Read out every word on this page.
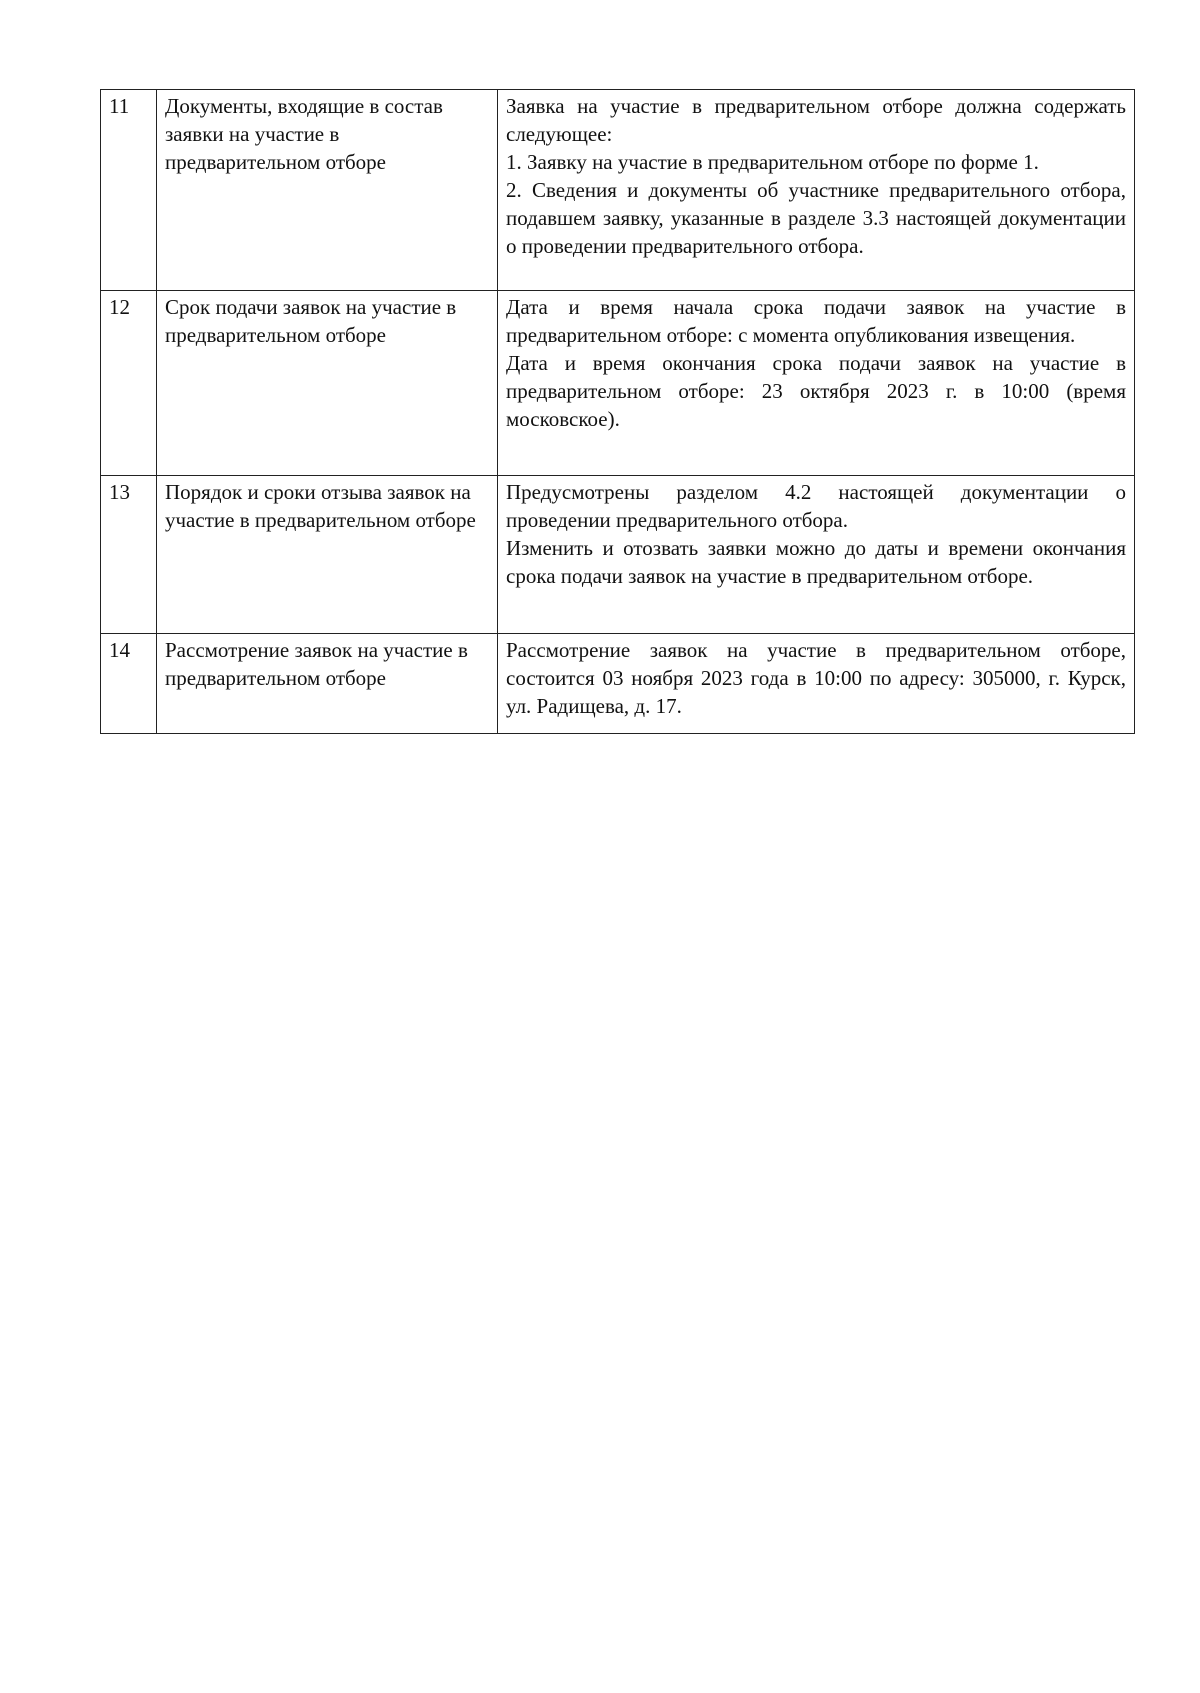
11	Документы, входящие в состав заявки на участие в предварительном отборе	Заявка на участие в предварительном отборе должна содержать следующее:

1. Заявку на участие в предварительном отборе по форме 1.

2. Сведения и документы об участнике предварительного отбора, подавшем заявку, указанные в разделе 3.3 настоящей документации о проведении предварительного отбора.

12	Срок подачи заявок на участие в предварительном отборе	Дата и время начала срока подачи заявок на участие в предварительном отборе: с момента опубликования извещения.

Дата и время окончания срока подачи заявок на участие в предварительном отборе: 23 октября 2023 г. в 10:00 (время московское).

13	Порядок и сроки отзыва заявок на участие в предварительном отборе	Предусмотрены разделом 4.2 настоящей документации о проведении предварительного отбора.

Изменить и отозвать заявки можно до даты и времени окончания срока подачи заявок на участие в предварительном отборе.

14	Рассмотрение заявок на участие в предварительном отборе	Рассмотрение заявок на участие в предварительном отборе, состоится 03 ноября 2023 года в 10:00 по адресу: 305000, г. Курск, ул. Радищева, д. 17.
